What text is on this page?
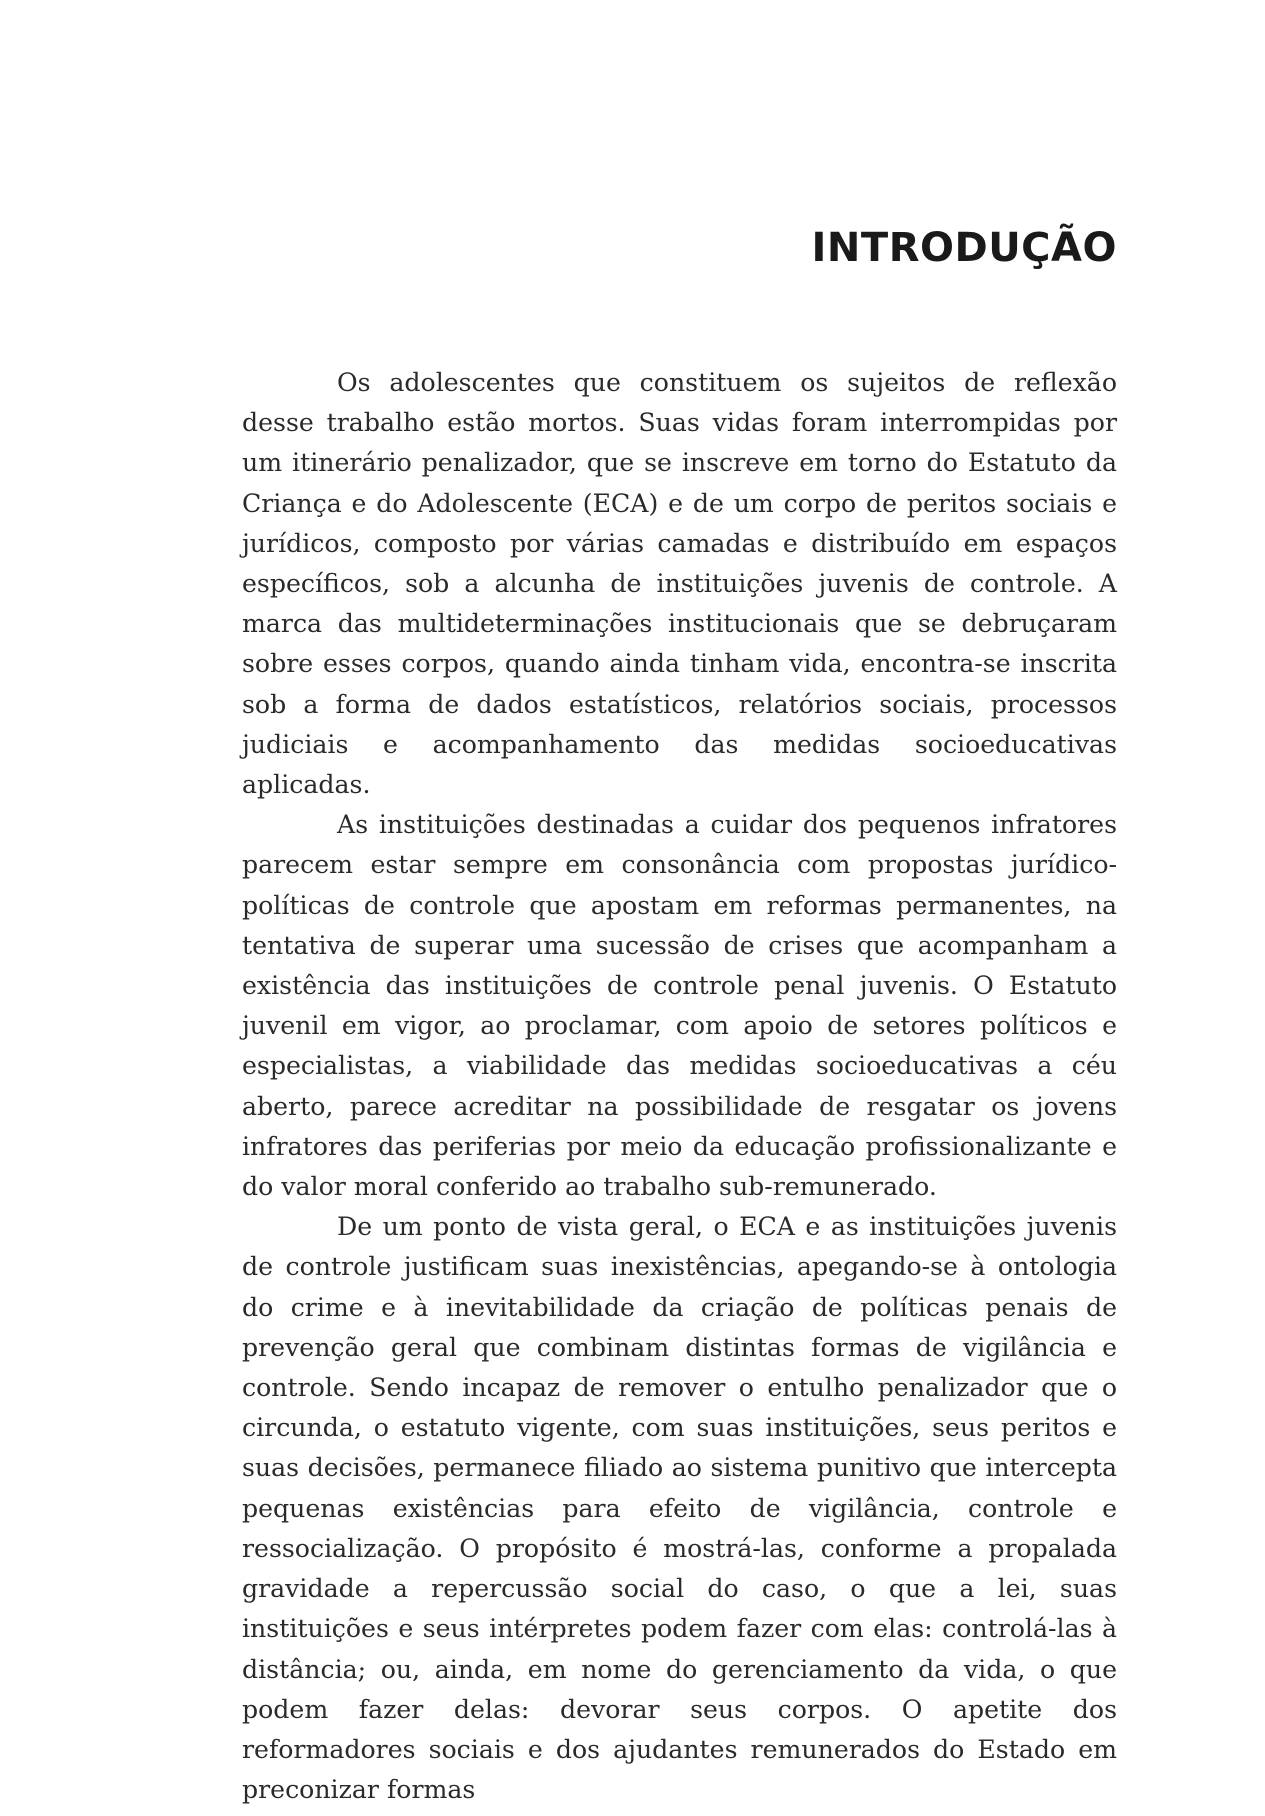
INTRODUÇÃO

Os adolescentes que constituem os sujeitos de reflexão desse trabalho estão mortos. Suas vidas foram interrompidas por um itinerário penalizador, que se inscreve em torno do Estatuto da Criança e do Adolescente (ECA) e de um corpo de peritos sociais e jurídicos, composto por várias camadas e distribuído em espaços específicos, sob a alcunha de instituições juvenis de controle. A marca das multideterminações institucionais que se debruçaram sobre esses corpos, quando ainda tinham vida, encontra-se inscrita sob a forma de dados estatísticos, relatórios sociais, processos judiciais e acompanhamento das medidas socioeducativas aplicadas.

As instituições destinadas a cuidar dos pequenos infratores parecem estar sempre em consonância com propostas jurídico-políticas de controle que apostam em reformas permanentes, na tentativa de superar uma sucessão de crises que acompanham a existência das instituições de controle penal juvenis. O Estatuto juvenil em vigor, ao proclamar, com apoio de setores políticos e especialistas, a viabilidade das medidas socioeducativas a céu aberto, parece acreditar na possibilidade de resgatar os jovens infratores das periferias por meio da educação profissionalizante e do valor moral conferido ao trabalho sub-remunerado.

De um ponto de vista geral, o ECA e as instituições juvenis de controle justificam suas inexistências, apegando-se à ontologia do crime e à inevitabilidade da criação de políticas penais de prevenção geral que combinam distintas formas de vigilância e controle. Sendo incapaz de remover o entulho penalizador que o circunda, o estatuto vigente, com suas instituições, seus peritos e suas decisões, permanece filiado ao sistema punitivo que intercepta pequenas existências para efeito de vigilância, controle e ressocialização. O propósito é mostrá-las, conforme a propalada gravidade a repercussão social do caso, o que a lei, suas instituições e seus intérpretes podem fazer com elas: controlá-las à distância; ou, ainda, em nome do gerenciamento da vida, o que podem fazer delas: devorar seus corpos. O apetite dos reformadores sociais e dos ajudantes remunerados do Estado em preconizar formas
